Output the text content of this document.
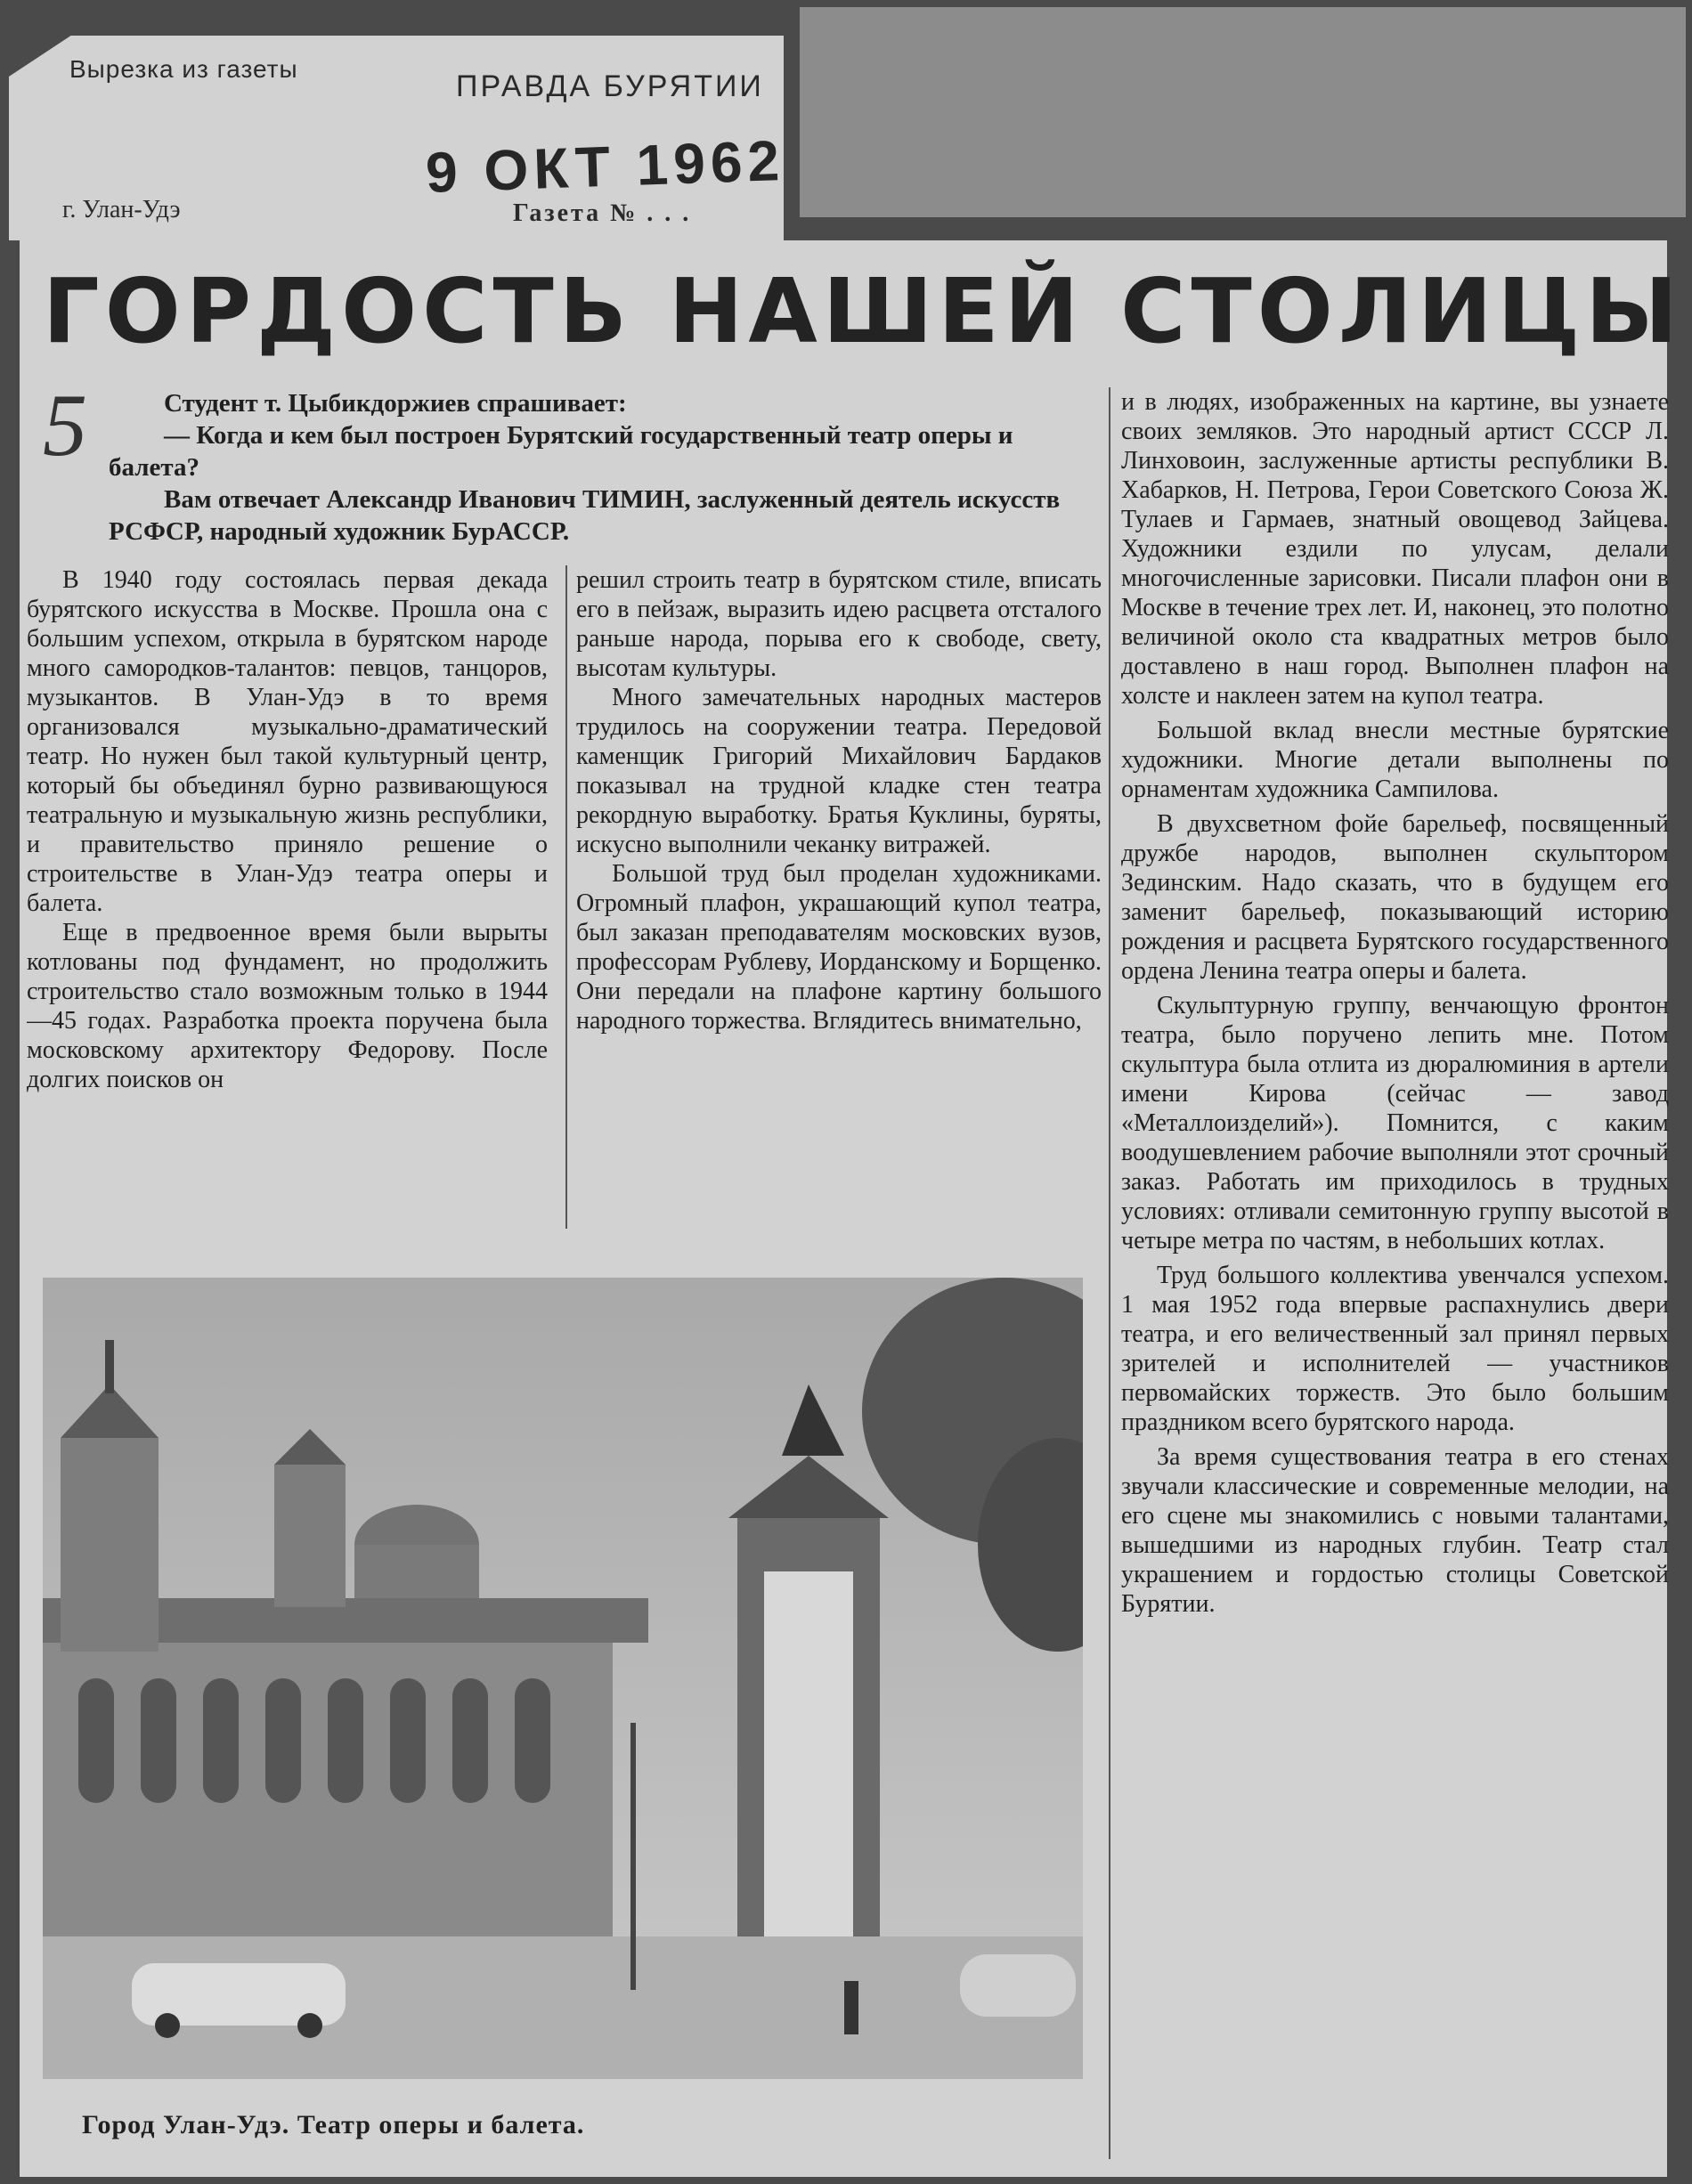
Вырезка из газеты
ПРАВДА БУРЯТИИ
9 ОКТ 1962
г. Улан-Удэ	Газета № . . .
ГОРДОСТЬ НАШЕЙ СТОЛИЦЫ
5	Студент т. Цыбикдоржиев спрашивает:

— Когда и кем был построен Бурятский государственный театр оперы и балета?

Вам отвечает Александр Иванович ТИМИН, заслуженный деятель искусств РСФСР, народный художник БурАССР.

В 1940 году состоялась первая декада бурятского искусства в Москве. Прошла она с большим успехом, открыла в бурятском народе много самородков-талантов: певцов, танцоров, музыкантов. В Улан-Удэ в то время организовался музыкально-драматический театр. Но нужен был такой культурный центр, который бы объединял бурно развивающуюся театральную и музыкальную жизнь республики, и правительство приняло решение о строительстве в Улан-Удэ театра оперы и балета.

Еще в предвоенное время были вырыты котлованы под фундамент, но продолжить строительство стало возможным только в 1944—45 годах. Разработка проекта поручена была московскому архитектору Федорову. После долгих поисков он

решил строить театр в бурятском стиле, вписать его в пейзаж, выразить идею расцвета отсталого раньше народа, порыва его к свободе, свету, высотам культуры.

Много замечательных народных мастеров трудилось на сооружении театра. Передовой каменщик Григорий Михайлович Бардаков показывал на трудной кладке стен театра рекордную выработку. Братья Куклины, буряты, искусно выполнили чеканку витражей.

Большой труд был проделан художниками. Огромный плафон, украшающий купол театра, был заказан преподавателям московских вузов, профессорам Рублеву, Иорданскому и Борщенко. Они передали на плафоне картину большого народного торжества. Вглядитесь внимательно,

и в людях, изображенных на картине, вы узнаете своих земляков. Это народный артист СССР Л. Линховоин, заслуженные артисты республики В. Хабарков, Н. Петрова, Герои Советского Союза Ж. Тулаев и Гармаев, знатный овощевод Зайцева. Художники ездили по улусам, делали многочисленные зарисовки. Писали плафон они в Москве в течение трех лет. И, наконец, это полотно величиной около ста квадратных метров было доставлено в наш город. Выполнен плафон на холсте и наклеен затем на купол театра.

Большой вклад внесли местные бурятские художники. Многие детали выполнены по орнаментам художника Сампилова.

В двухсветном фойе барельеф, посвященный дружбе народов, выполнен скульптором Зединским. Надо сказать, что в будущем его заменит барельеф, показывающий историю рождения и расцвета Бурятского государственного ордена Ленина театра оперы и балета.

Скульптурную группу, венчающую фронтон театра, было поручено лепить мне. Потом скульптура была отлита из дюралюминия в артели имени Кирова (сейчас — завод «Металлоизделий»). Помнится, с каким воодушевлением рабочие выполняли этот срочный заказ. Работать им приходилось в трудных условиях: отливали семитонную группу высотой в четыре метра по частям, в небольших котлах.

Труд большого коллектива увенчался успехом. 1 мая 1952 года впервые распахнулись двери театра, и его величественный зал принял первых зрителей и исполнителей — участников первомайских торжеств. Это было большим праздником всего бурятского народа.

За время существования театра в его стенах звучали классические и современные мелодии, на его сцене мы знакомились с новыми талантами, вышедшими из народных глубин. Театр стал украшением и гордостью столицы Советской Бурятии.

Город Улан-Удэ. Театр оперы и балета.
